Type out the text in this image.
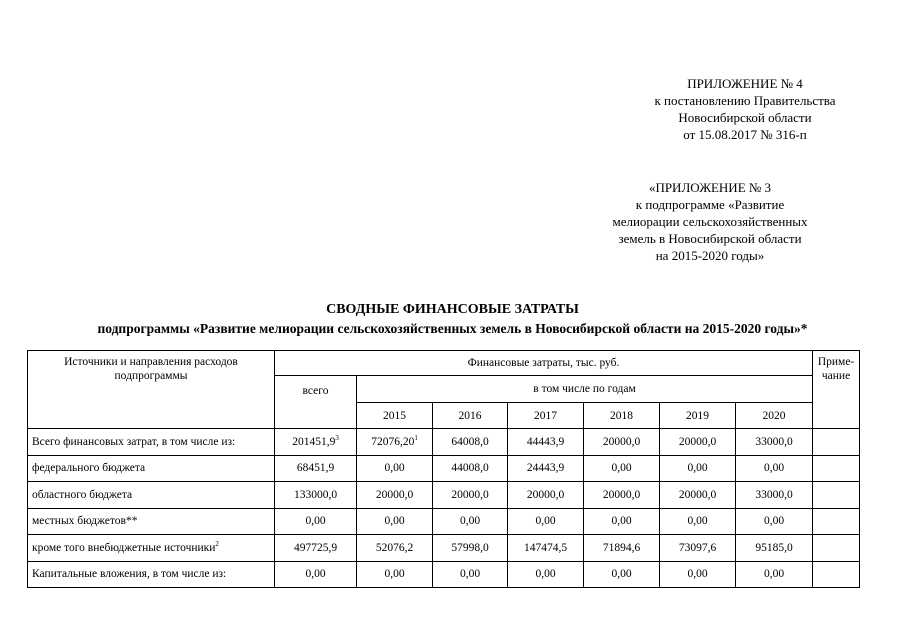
ПРИЛОЖЕНИЕ № 4
к постановлению Правительства
Новосибирской области
от 15.08.2017 № 316-п
«ПРИЛОЖЕНИЕ № 3
к подпрограмме «Развитие
мелиорации сельскохозяйственных
земель в Новосибирской области
на 2015-2020 годы»
СВОДНЫЕ ФИНАНСОВЫЕ ЗАТРАТЫ
подпрограммы «Развитие мелиорации сельскохозяйственных земель в Новосибирской области на 2015-2020 годы»*
Источники и направления расходов подпрограммы	Финансовые затраты, тыс. руб.							Приме-чание
	всего	в том числе по годам						
		2015	2016	2017	2018	2019	2020	
Всего финансовых затрат, в том числе из:	201451,9$^3$	72076,20$^1$	64008,0	44443,9	20000,0	20000,0	33000,0	
федерального бюджета	68451,9	0,00	44008,0	24443,9	0,00	0,00	0,00	
областного бюджета	133000,0	20000,0	20000,0	20000,0	20000,0	20000,0	33000,0	
местных бюджетов**	0,00	0,00	0,00	0,00	0,00	0,00	0,00	
кроме того внебюджетные источники$^2$	497725,9	52076,2	57998,0	147474,5	71894,6	73097,6	95185,0	
Капитальные вложения, в том числе из:	0,00	0,00	0,00	0,00	0,00	0,00	0,00	
